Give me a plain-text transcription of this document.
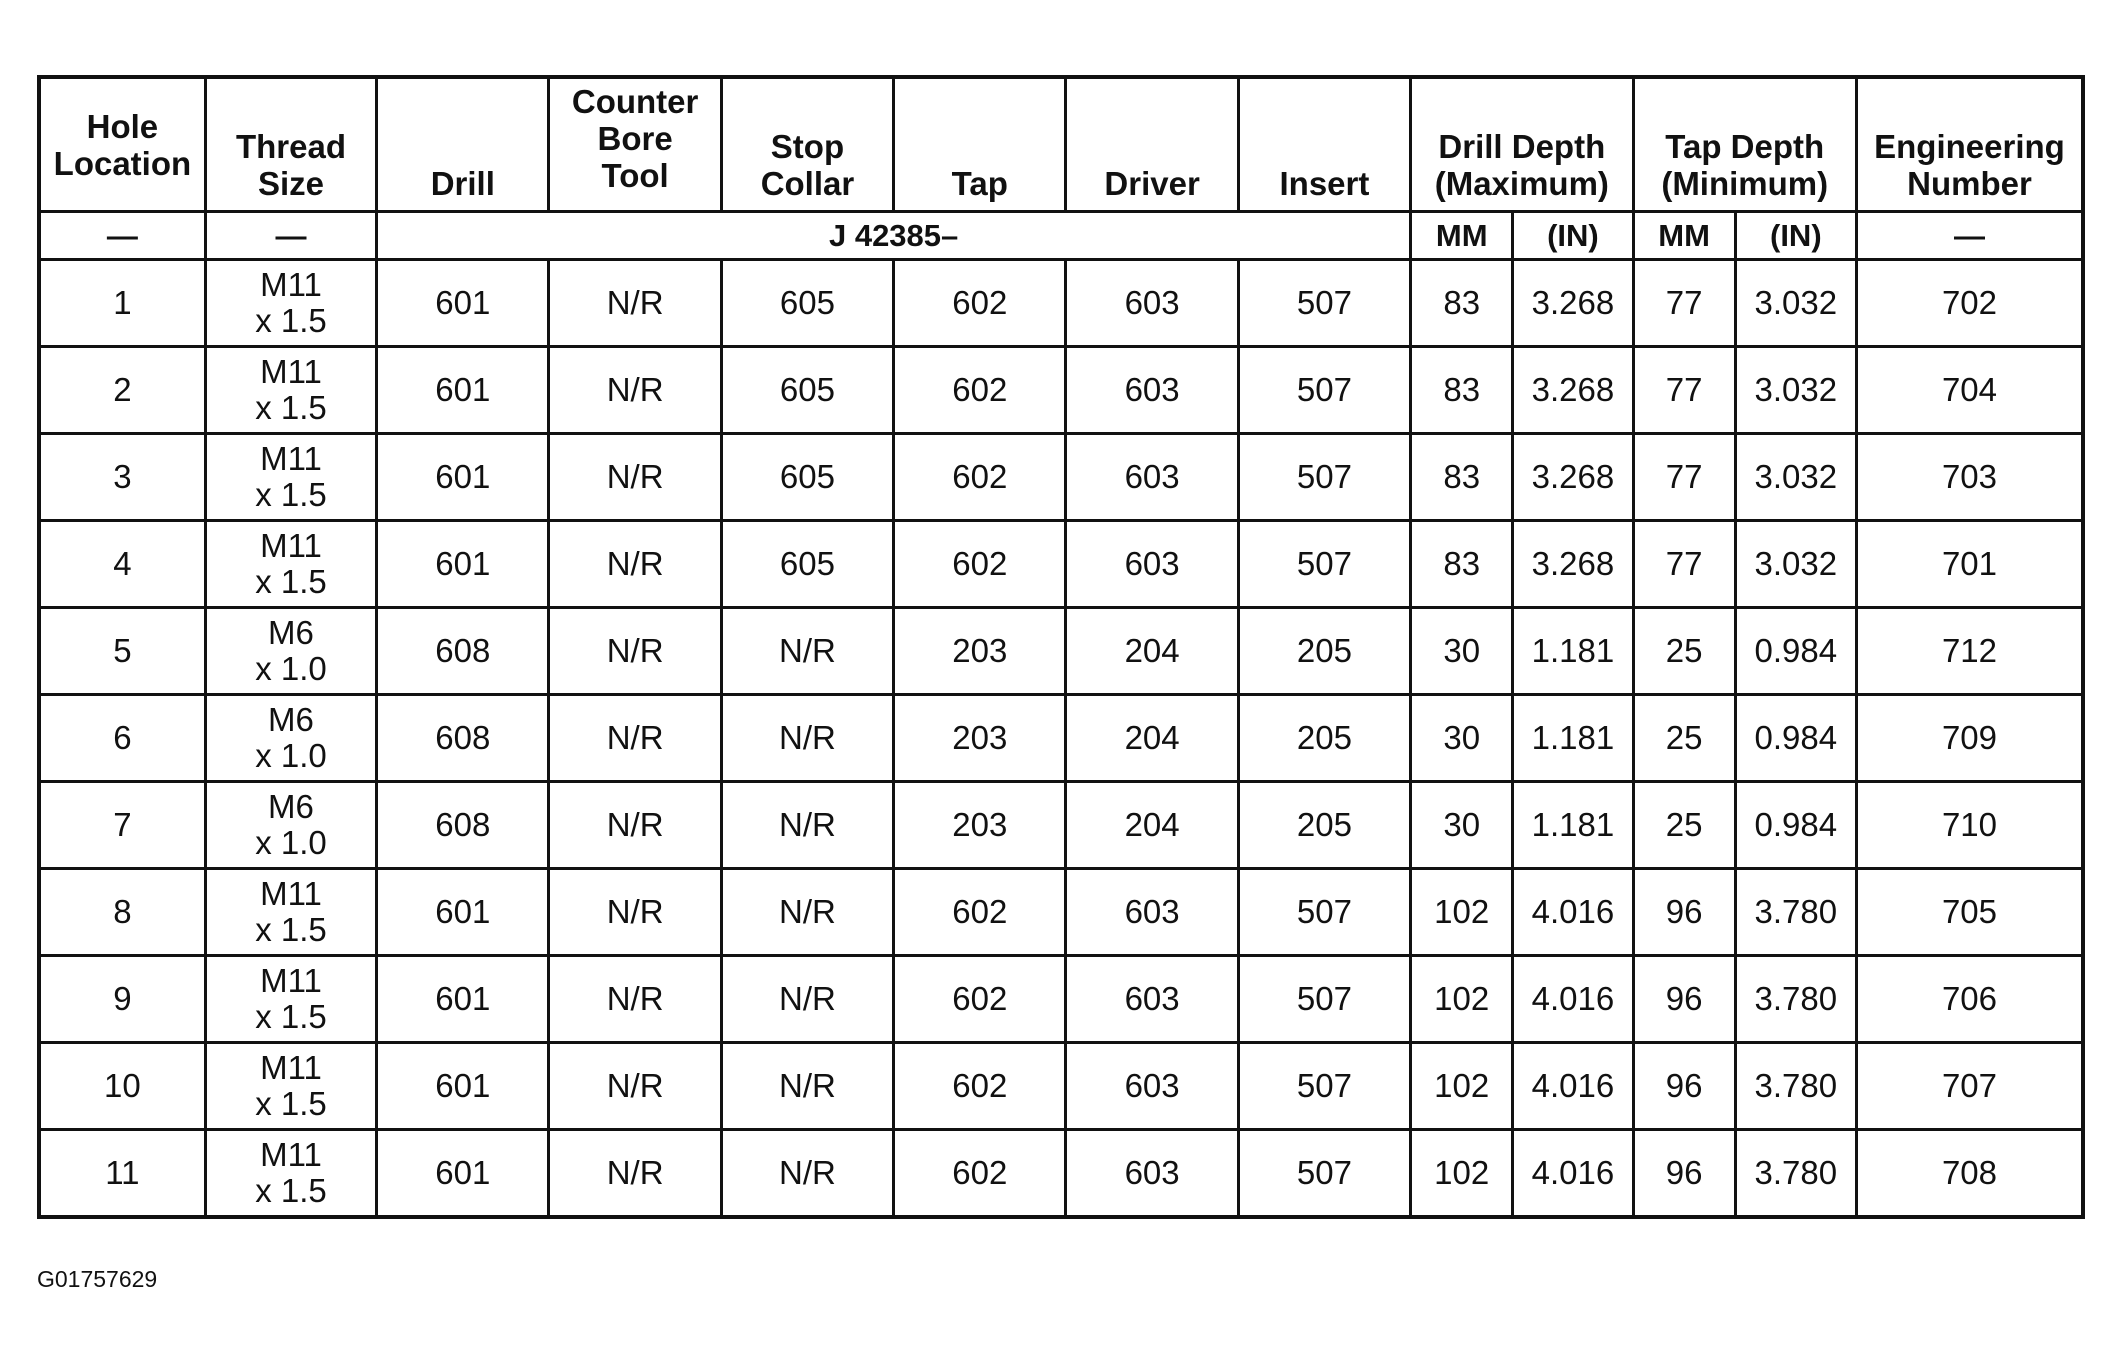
Hole
Location	Thread
Size	Drill	Counter
Bore
Tool	Stop
Collar	Tap	Driver	Insert	Drill Depth
(Maximum)		Tap Depth
(Minimum)		Engineering
Number

—	—	J 42385–						MM	(IN)	MM	(IN)	—
1	M11
x 1.5	601	N/R	605	602	603	507	83	3.268	77	3.032	702
2	M11
x 1.5	601	N/R	605	602	603	507	83	3.268	77	3.032	704
3	M11
x 1.5	601	N/R	605	602	603	507	83	3.268	77	3.032	703
4	M11
x 1.5	601	N/R	605	602	603	507	83	3.268	77	3.032	701
5	M6
x 1.0	608	N/R	N/R	203	204	205	30	1.181	25	0.984	712
6	M6
x 1.0	608	N/R	N/R	203	204	205	30	1.181	25	0.984	709
7	M6
x 1.0	608	N/R	N/R	203	204	205	30	1.181	25	0.984	710
8	M11
x 1.5	601	N/R	N/R	602	603	507	102	4.016	96	3.780	705
9	M11
x 1.5	601	N/R	N/R	602	603	507	102	4.016	96	3.780	706
10	M11
x 1.5	601	N/R	N/R	602	603	507	102	4.016	96	3.780	707
11	M11
x 1.5	601	N/R	N/R	602	603	507	102	4.016	96	3.780	708
G01757629
